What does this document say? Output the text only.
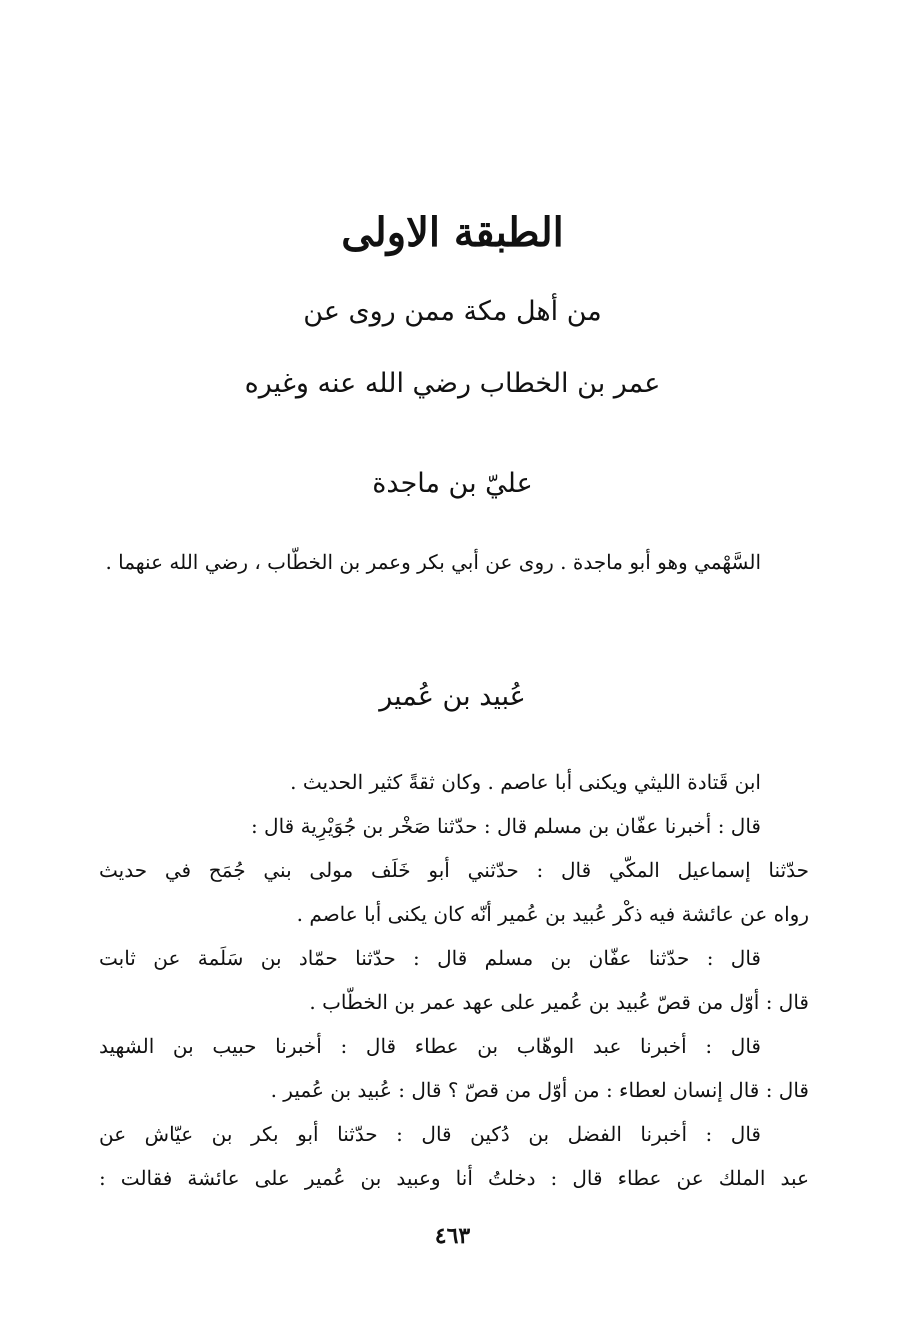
الطبقة الاولى
من أهل مكة ممن روى عن
عمر بن الخطاب رضي الله عنه وغيره
عليّ بن ماجدة

السَّهْمي وهو أبو ماجدة . روى عن أبي بكر وعمر بن الخطّاب ، رضي الله عنهما .

عُبيد بن عُمير
ابن قَتادة الليثي ويكنى أبا عاصم . وكان ثقةً كثير الحديث .
قال : أخبرنا عفّان بن مسلم قال : حدّثنا صَخْر بن جُوَيْرِية قال :
حدّثنا إسماعيل المكّي قال : حدّثني أبو خَلَف مولى بني جُمَح في حديث
رواه عن عائشة فيه ذكْر عُبيد بن عُمير أنّه كان يكنى أبا عاصم .
قال : حدّثنا عفّان بن مسلم قال : حدّثنا حمّاد بن سَلَمة عن ثابت
قال : أوّل من قصّ عُبيد بن عُمير على عهد عمر بن الخطّاب .
قال : أخبرنا عبد الوهّاب بن عطاء قال : أخبرنا حبيب بن الشهيد
قال : قال إنسان لعطاء : من أوّل من قصّ ؟ قال : عُبيد بن عُمير .
قال : أخبرنا الفضل بن دُكين قال : حدّثنا أبو بكر بن عيّاش عن
عبد الملك عن عطاء قال : دخلتُ أنا وعبيد بن عُمير على عائشة فقالت :
٤٦٣
